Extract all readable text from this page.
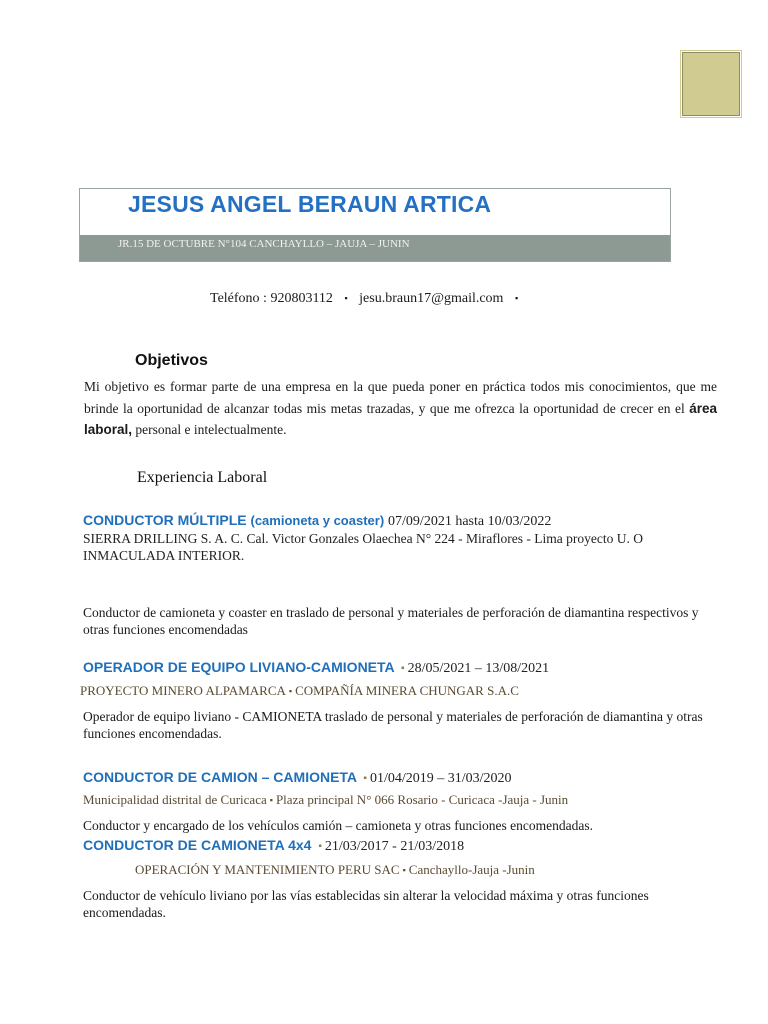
JESUS ANGEL BERAUN ARTICA
JR.15 DE OCTUBRE N°104 CANCHAYLLO – JAUJA – JUNIN
Teléfono : 920803112 ▪ jesu.braun17@gmail.com ▪
Objetivos
Mi objetivo es formar parte de una empresa en la que pueda poner en práctica todos mis conocimientos, que me brinde la oportunidad de alcanzar todas mis metas trazadas, y que me ofrezca la oportunidad de crecer en el área laboral, personal e intelectualmente.
Experiencia Laboral
CONDUCTOR MÚLTIPLE (camioneta y coaster) 07/09/2021 hasta 10/03/2022
SIERRA DRILLING S. A. C. Cal. Victor Gonzales Olaechea N° 224 - Miraflores - Lima proyecto U. O INMACULADA INTERIOR.
Conductor de camioneta y coaster en traslado de personal y materiales de perforación de diamantina respectivos y otras funciones encomendadas
OPERADOR DE EQUIPO LIVIANO-CAMIONETA ▪ 28/05/2021 – 13/08/2021
PROYECTO MINERO ALPAMARCA ▪ COMPAÑÍA MINERA CHUNGAR S.A.C
Operador de equipo liviano - CAMIONETA traslado de personal y materiales de perforación de diamantina y otras funciones encomendadas.
CONDUCTOR DE CAMION – CAMIONETA ▪ 01/04/2019 – 31/03/2020
Municipalidad distrital de Curicaca ▪ Plaza principal N° 066 Rosario - Curicaca -Jauja - Junin
Conductor y encargado de los vehículos camión – camioneta y otras funciones encomendadas.
CONDUCTOR DE CAMIONETA 4x4 ▪ 21/03/2017 - 21/03/2018
OPERACIÓN Y MANTENIMIENTO PERU SAC ▪ Canchayllo-Jauja -Junin
Conductor de vehículo liviano por las vías establecidas sin alterar la velocidad máxima y otras funciones encomendadas.
